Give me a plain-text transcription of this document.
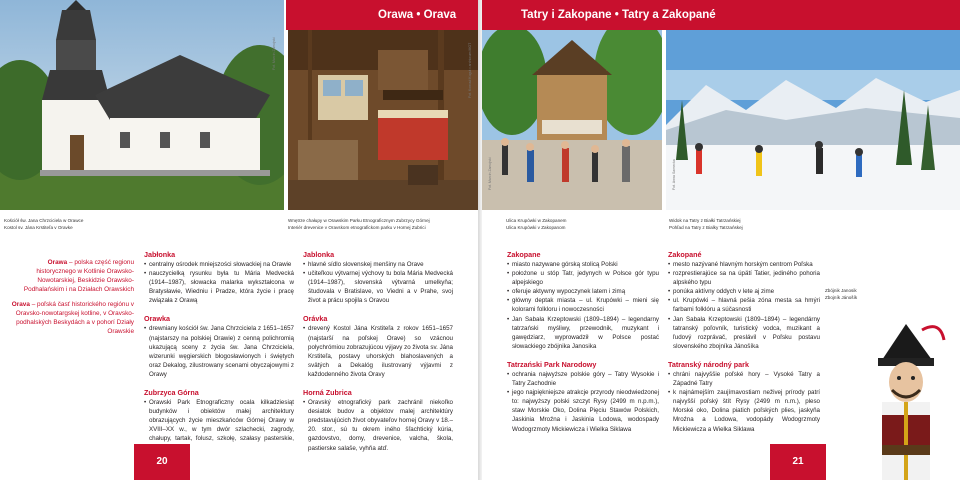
Orawa • Orava
Fot. Marcin Zamojski	Fot. Konrad Kogut • archiwum MOT
Kościół św. Jana Chrzciciela w Orawce
Kostol sv. Jána Krstiteľa v Oravke
Wnętrze chałupy w Orawskim Parku Etnograficznym Zubrzycy Górnej
Interiér drevenice v Oravskom etnografickom parku v Hornej Zubrici

Orawa – polska część regionu historycznego w Kotlinie Orawsko-Nowotarskiej, Beskidzie Orawsko-Podhalańskim i na Działach Orawskich

Orava – poľská časť historického regiónu v Oravsko-nowotargskej kotline, v Oravsko-podhalských Beskydách a v pohorí Działy Orawskie

Jabłonka
• centralny ośrodek mniejszości słowackiej na Orawie
• nauczycielką rysunku była tu Mária Medvecká (1914–1987), słowacka malarka wykształcona w Bratysławie, Wiedniu i Pradze, która życie i pracę związała z Orawą
Orawka
• drewniany kościół św. Jana Chrzciciela z 1651–1657 (najstarszy na polskiej Orawie) z cenną polichromią ukazującą sceny z życia św. Jana Chrzciciela, wizerunki węgierskich błogosławionych i świętych oraz Dekalog, zilustrowany scenami obyczajowymi z Orawy
Zubrzyca Górna
• Orawski Park Etnograficzny ocala kilkadziesiąt budynków i obiektów małej architektury obrazujących życie mieszkańców Górnej Orawy w XVIII–XX w., w tym dwór szlachecki, zagrody, chałupy, tartak, folusz, szkołę, szałasy pasterskie,
Jablonka
• hlavné sídlo slovenskej menšiny na Orave
• učiteľkou výtvarnej výchovy tu bola Mária Medvecká (1914–1987), slovenská výtvarná umelkyňa; študovala v Bratislave, vo Viedni a v Prahe, svoj život a prácu spojila s Oravou
Orávka
• drevený Kostol Jána Krstiteľa z rokov 1651–1657 (najstarší na poľskej Orave) so vzácnou polychrómiou zobrazujúcou výjavy zo života sv. Jána Krstiteľa, postavy uhorských blahoslavených a svätých a Dekalóg ilustrovaný výjavmi z každodenného života Oravy
Horná Zubrica
• Oravský etnografický park zachránil niekoľko desiatok budov a objektov malej architektúry predstavujúcich život obyvateľov hornej Oravy v 18.–20. stor., sú tu okrem iného šľachtický kúria, gazdovstvo, domy, drevenice, valcha, škola, pastierske salaše, vyhňa atď.
20
Tatry i Zakopane • Tatry a Zakopané
Fot. Marcin Zamojski	Fot. Anna Sarnecka
Ulica Krupówki w Zakopanem
Ulica Krupówki v Zakopanom
Widok na Tatry z Białki Tatrzańskiej
Pohľad na Tatry z Bialky Tatrzańskej
Zakopane
• miasto nazywane górską stolicą Polski
• położone u stóp Tatr, jedynych w Polsce gór typu alpejskiego
• oferuje aktywny wypoczynek latem i zimą
• główny deptak miasta – ul. Krupówki – mieni się kolorami folkloru i nowoczesności
• Jan Sabała Krzeptowski (1809–1894) – legendarny tatrzański myśliwy, przewodnik, muzykant i gawędziarz, wyprowadził w Polsce postać słowackiego zbójnika Janosika
Tatrzański Park Narodowy
• ochrania najwyższe polskie góry – Tatry Wysokie i Tatry Zachodnie
• jego najpiękniejsze atrakcje przyrody nieodwiedzonej to: najwyższy polski szczyt Rysy (2499 m n.p.m.), staw Morskie Oko, Dolina Pięciu Stawów Polskich, Jaskinia Mroźna i Jaskinia Lodowa, wodospady Wodogrzmoty Mickiewicza i Wielka Siklawa
Zakopané
• mesto nazývané hlavným horským centrom Poľska
• rozprestierajúce sa na úpätí Tatier, jediného pohoria alpského typu
• ponúka aktívny oddych v lete aj zime
• ul. Krupówki – hlavná pešia zóna mesta sa hmýri farbami folklóru a súčasnosti
• Jan Sabała Krzeptowski (1809–1894) – legendárny tatranský poľovník, turistický vodca, muzikant a ľudový rozprávač, preslávil v Poľsku postavu slovenského zbojníka Jánošíka
Tatranský národný park
• chráni najvyššie poľské hory – Vysoké Tatry a Západné Tatry
• k najnámejším zaujímavostiam neživej prírody patrí najvyšší poľský štít Rysy (2499 m n.m.), pleso Morské oko, Dolina piatich poľských plies, jaskyňa Mroźna a Lodowa, vodopády Wodogrzmoty Mickiewicza a Wielka Siklawa
Zbójnik Janosik
Zbojník Jánošík
21
